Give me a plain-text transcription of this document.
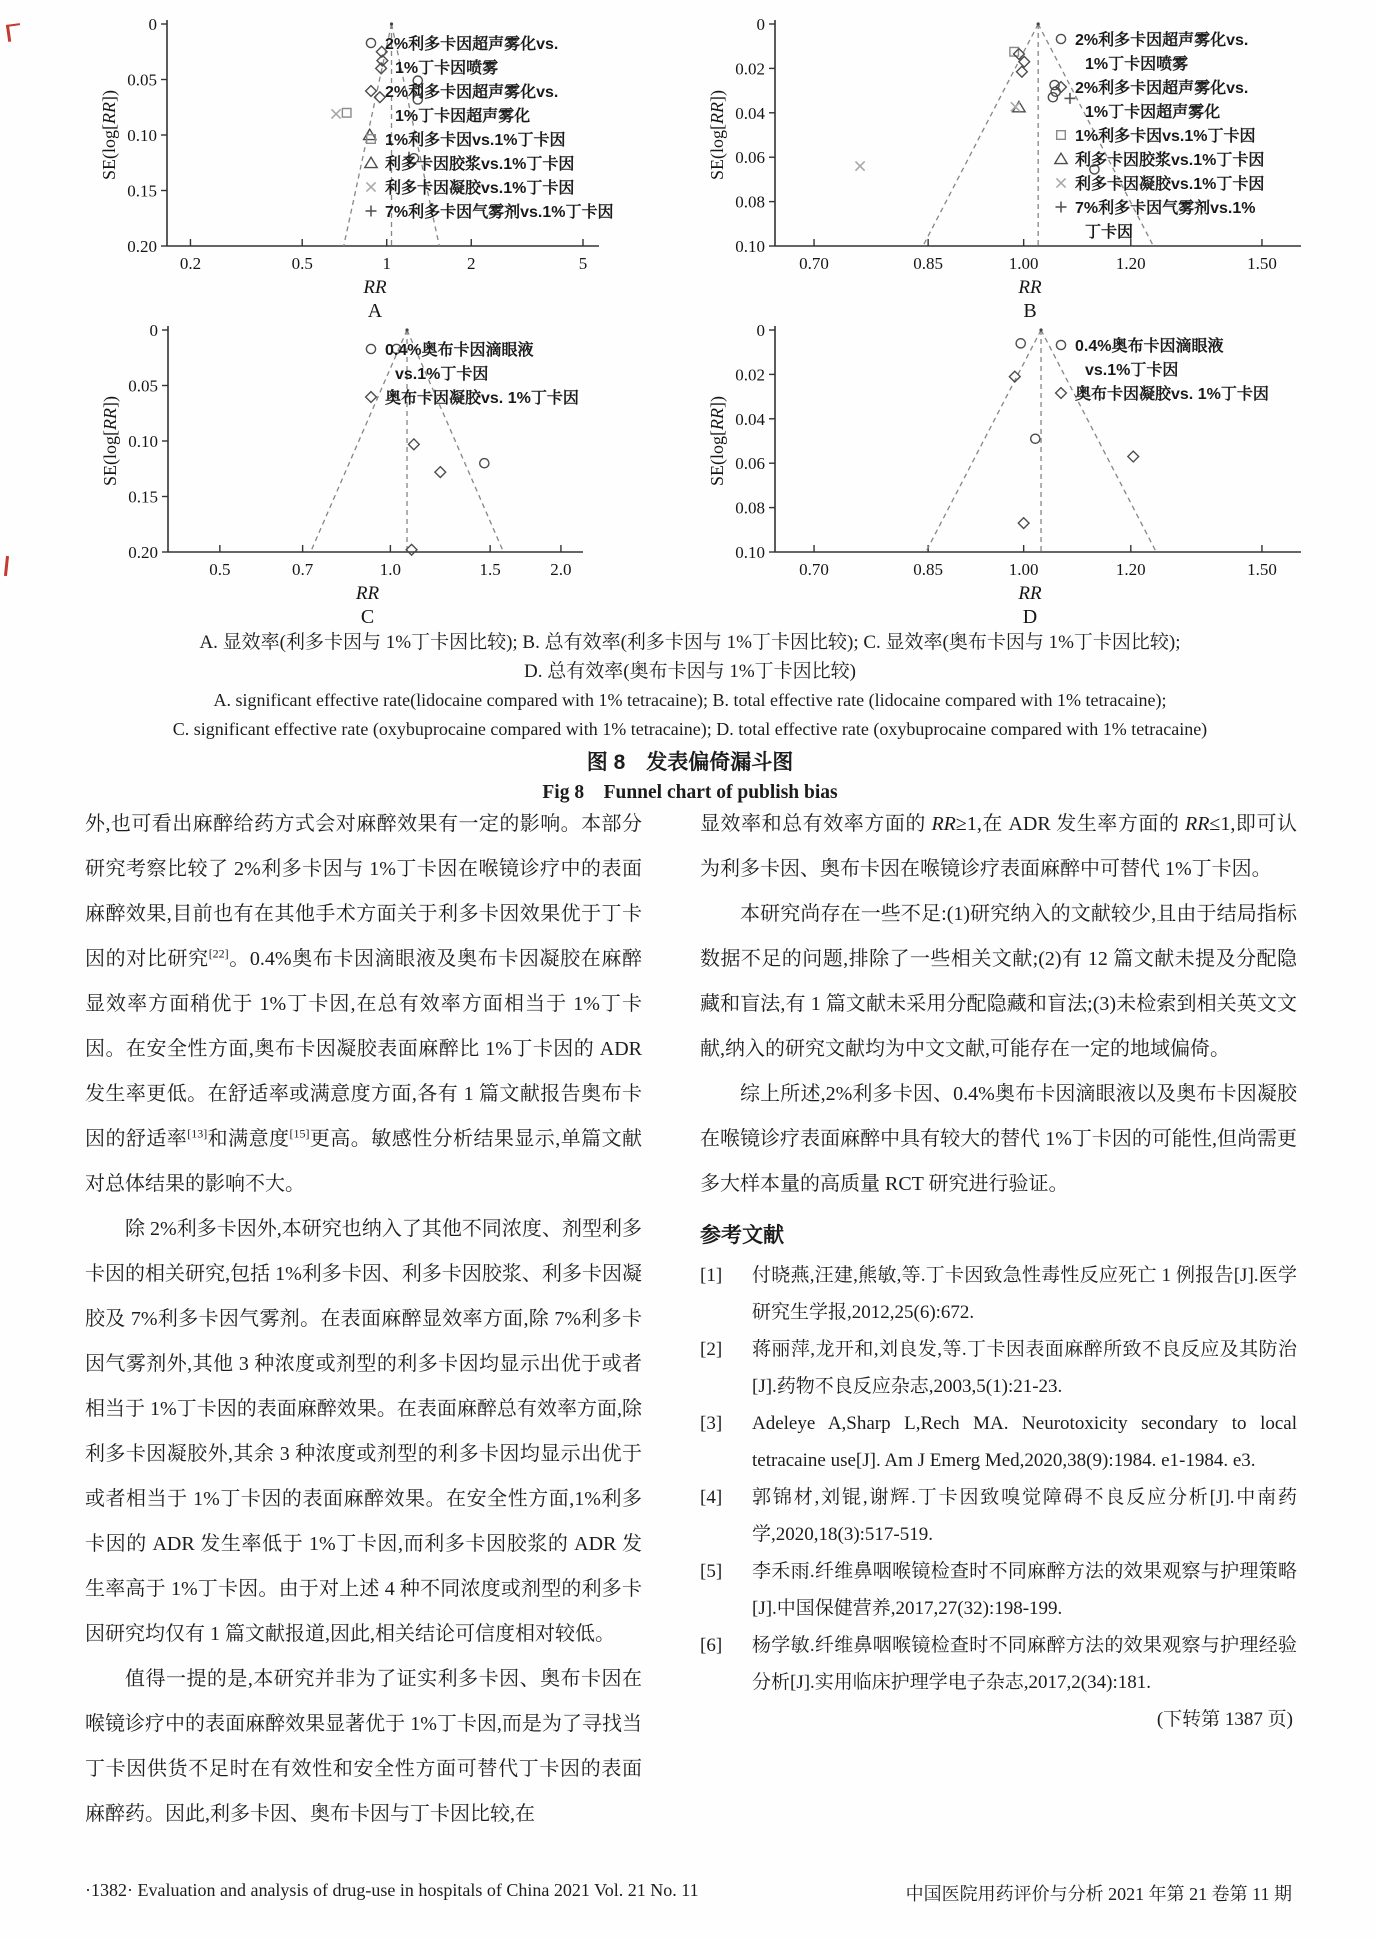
0
0.05
0.10
0.15
0.20
0.2	0.5	1	2	5
SE(log[RR])
RR
A
2%利多卡因超声雾化vs.
1%丁卡因喷雾
2%利多卡因超声雾化vs.
1%丁卡因超声雾化
1%利多卡因vs.1%丁卡因
利多卡因胶浆vs.1%丁卡因
利多卡因凝胶vs.1%丁卡因
7%利多卡因气雾剂vs.1%丁卡因
0
0.02
0.04
0.06
0.08
0.10
0.70	0.85	1.00	1.20	1.50
SE(log[RR])
RR
B
2%利多卡因超声雾化vs.
1%丁卡因喷雾
2%利多卡因超声雾化vs.
1%丁卡因超声雾化
1%利多卡因vs.1%丁卡因
利多卡因胶浆vs.1%丁卡因
利多卡因凝胶vs.1%丁卡因
7%利多卡因气雾剂vs.1%
丁卡因
0
0.05
0.10
0.15
0.20
0.5	0.7	1.0	1.5	2.0
SE(log[RR])
RR
C
0.4%奥布卡因滴眼液
vs.1%丁卡因
奥布卡因凝胶vs. 1%丁卡因
0
0.02
0.04
0.06
0.08
0.10
0.70	0.85	1.00	1.20	1.50
SE(log[RR])
RR
D
0.4%奥布卡因滴眼液
vs.1%丁卡因
奥布卡因凝胶vs. 1%丁卡因
A. 显效率(利多卡因与 1%丁卡因比较); B. 总有效率(利多卡因与 1%丁卡因比较); C. 显效率(奥布卡因与 1%丁卡因比较);
D. 总有效率(奥布卡因与 1%丁卡因比较)
A. significant effective rate(lidocaine compared with 1% tetracaine); B. total effective rate (lidocaine compared with 1% tetracaine);
C. significant effective rate (oxybuprocaine compared with 1% tetracaine); D. total effective rate (oxybuprocaine compared with 1% tetracaine)
图 8　发表偏倚漏斗图
Fig 8　Funnel chart of publish bias

外,也可看出麻醉给药方式会对麻醉效果有一定的影响。本部分研究考察比较了 2%利多卡因与 1%丁卡因在喉镜诊疗中的表面麻醉效果,目前也有在其他手术方面关于利多卡因效果优于丁卡因的对比研究[22]。0.4%奥布卡因滴眼液及奥布卡因凝胶在麻醉显效率方面稍优于 1%丁卡因,在总有效率方面相当于 1%丁卡因。在安全性方面,奥布卡因凝胶表面麻醉比 1%丁卡因的 ADR 发生率更低。在舒适率或满意度方面,各有 1 篇文献报告奥布卡因的舒适率[13]和满意度[15]更高。敏感性分析结果显示,单篇文献对总体结果的影响不大。

除 2%利多卡因外,本研究也纳入了其他不同浓度、剂型利多卡因的相关研究,包括 1%利多卡因、利多卡因胶浆、利多卡因凝胶及 7%利多卡因气雾剂。在表面麻醉显效率方面,除 7%利多卡因气雾剂外,其他 3 种浓度或剂型的利多卡因均显示出优于或者相当于 1%丁卡因的表面麻醉效果。在表面麻醉总有效率方面,除利多卡因凝胶外,其余 3 种浓度或剂型的利多卡因均显示出优于或者相当于 1%丁卡因的表面麻醉效果。在安全性方面,1%利多卡因的 ADR 发生率低于 1%丁卡因,而利多卡因胶浆的 ADR 发生率高于 1%丁卡因。由于对上述 4 种不同浓度或剂型的利多卡因研究均仅有 1 篇文献报道,因此,相关结论可信度相对较低。

值得一提的是,本研究并非为了证实利多卡因、奥布卡因在喉镜诊疗中的表面麻醉效果显著优于 1%丁卡因,而是为了寻找当丁卡因供货不足时在有效性和安全性方面可替代丁卡因的表面麻醉药。因此,利多卡因、奥布卡因与丁卡因比较,在

显效率和总有效率方面的 RR≥1,在 ADR 发生率方面的 RR≤1,即可认为利多卡因、奥布卡因在喉镜诊疗表面麻醉中可替代 1%丁卡因。

本研究尚存在一些不足:(1)研究纳入的文献较少,且由于结局指标数据不足的问题,排除了一些相关文献;(2)有 12 篇文献未提及分配隐藏和盲法,有 1 篇文献未采用分配隐藏和盲法;(3)未检索到相关英文文献,纳入的研究文献均为中文文献,可能存在一定的地域偏倚。

综上所述,2%利多卡因、0.4%奥布卡因滴眼液以及奥布卡因凝胶在喉镜诊疗表面麻醉中具有较大的替代 1%丁卡因的可能性,但尚需更多大样本量的高质量 RCT 研究进行验证。

参考文献
[1] 付晓燕,汪建,熊敏,等.丁卡因致急性毒性反应死亡 1 例报告[J].医学研究生学报,2012,25(6):672.
[2] 蒋丽萍,龙开和,刘良发,等.丁卡因表面麻醉所致不良反应及其防治[J].药物不良反应杂志,2003,5(1):21-23.
[3] Adeleye A,Sharp L,Rech MA. Neurotoxicity secondary to local tetracaine use[J]. Am J Emerg Med,2020,38(9):1984. e1-1984. e3.
[4] 郭锦材,刘锟,谢辉.丁卡因致嗅觉障碍不良反应分析[J].中南药学,2020,18(3):517-519.
[5] 李禾雨.纤维鼻咽喉镜检查时不同麻醉方法的效果观察与护理策略[J].中国保健营养,2017,27(32):198-199.
[6] 杨学敏.纤维鼻咽喉镜检查时不同麻醉方法的效果观察与护理经验分析[J].实用临床护理学电子杂志,2017,2(34):181.
(下转第 1387 页)
·1382· Evaluation and analysis of drug-use in hospitals of China 2021 Vol. 21 No. 11	中国医院用药评价与分析 2021 年第 21 卷第 11 期
